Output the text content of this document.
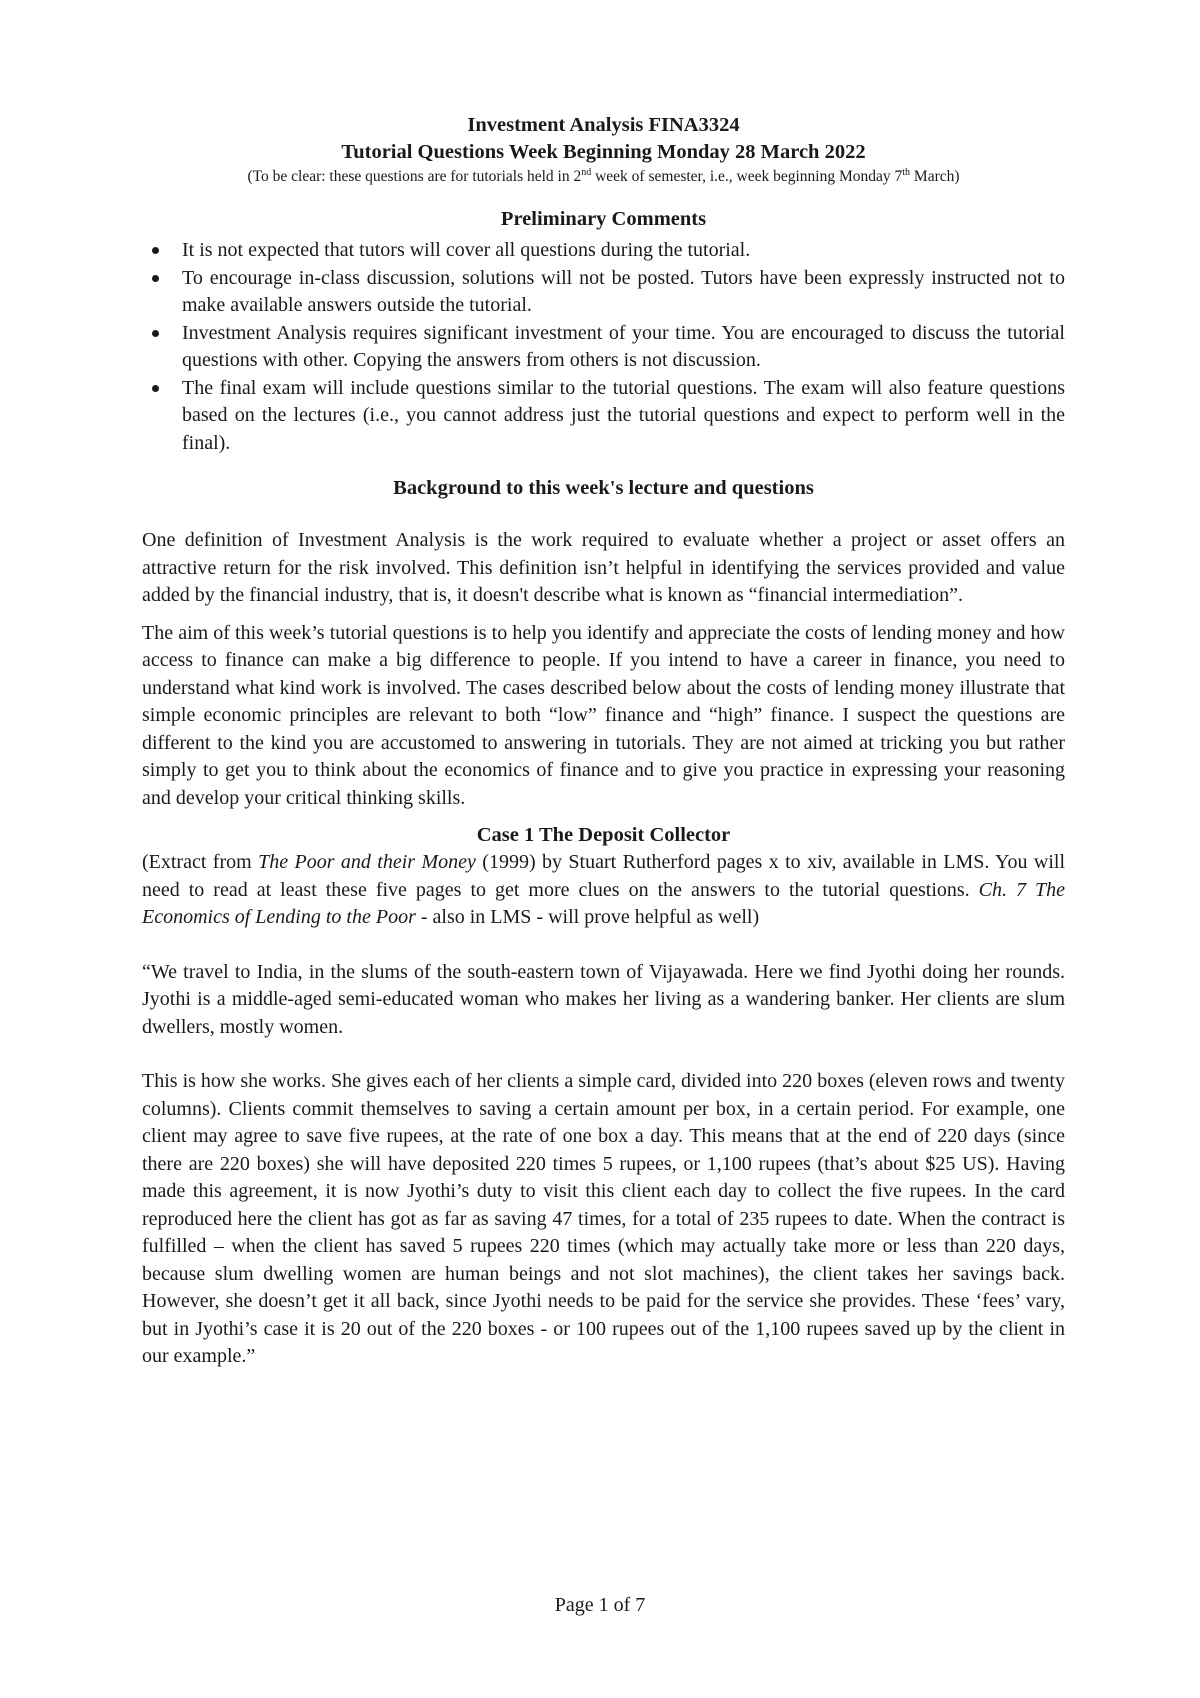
Investment Analysis FINA3324
Tutorial Questions Week Beginning Monday 28 March 2022
(To be clear: these questions are for tutorials held in 2nd week of semester, i.e., week beginning Monday 7th March)
Preliminary Comments
It is not expected that tutors will cover all questions during the tutorial.
To encourage in-class discussion, solutions will not be posted. Tutors have been expressly instructed not to make available answers outside the tutorial.
Investment Analysis requires significant investment of your time. You are encouraged to discuss the tutorial questions with other. Copying the answers from others is not discussion.
The final exam will include questions similar to the tutorial questions. The exam will also feature questions based on the lectures (i.e., you cannot address just the tutorial questions and expect to perform well in the final).
Background to this week's lecture and questions

One definition of Investment Analysis is the work required to evaluate whether a project or asset offers an attractive return for the risk involved. This definition isn’t helpful in identifying the services provided and value added by the financial industry, that is, it doesn't describe what is known as “financial intermediation”.

The aim of this week’s tutorial questions is to help you identify and appreciate the costs of lending money and how access to finance can make a big difference to people. If you intend to have a career in finance, you need to understand what kind work is involved. The cases described below about the costs of lending money illustrate that simple economic principles are relevant to both “low” finance and “high” finance. I suspect the questions are different to the kind you are accustomed to answering in tutorials. They are not aimed at tricking you but rather simply to get you to think about the economics of finance and to give you practice in expressing your reasoning and develop your critical thinking skills.

Case 1 The Deposit Collector

(Extract from The Poor and their Money (1999) by Stuart Rutherford pages x to xiv, available in LMS. You will need to read at least these five pages to get more clues on the answers to the tutorial questions. Ch. 7 The Economics of Lending to the Poor - also in LMS - will prove helpful as well)

“We travel to India, in the slums of the south-eastern town of Vijayawada. Here we find Jyothi doing her rounds. Jyothi is a middle-aged semi-educated woman who makes her living as a wandering banker. Her clients are slum dwellers, mostly women.

This is how she works. She gives each of her clients a simple card, divided into 220 boxes (eleven rows and twenty columns). Clients commit themselves to saving a certain amount per box, in a certain period. For example, one client may agree to save five rupees, at the rate of one box a day. This means that at the end of 220 days (since there are 220 boxes) she will have deposited 220 times 5 rupees, or 1,100 rupees (that’s about $25 US). Having made this agreement, it is now Jyothi’s duty to visit this client each day to collect the five rupees. In the card reproduced here the client has got as far as saving 47 times, for a total of 235 rupees to date. When the contract is fulfilled – when the client has saved 5 rupees 220 times (which may actually take more or less than 220 days, because slum dwelling women are human beings and not slot machines), the client takes her savings back. However, she doesn’t get it all back, since Jyothi needs to be paid for the service she provides. These ‘fees’ vary, but in Jyothi’s case it is 20 out of the 220 boxes - or 100 rupees out of the 1,100 rupees saved up by the client in our example.”

Page 1 of 7
